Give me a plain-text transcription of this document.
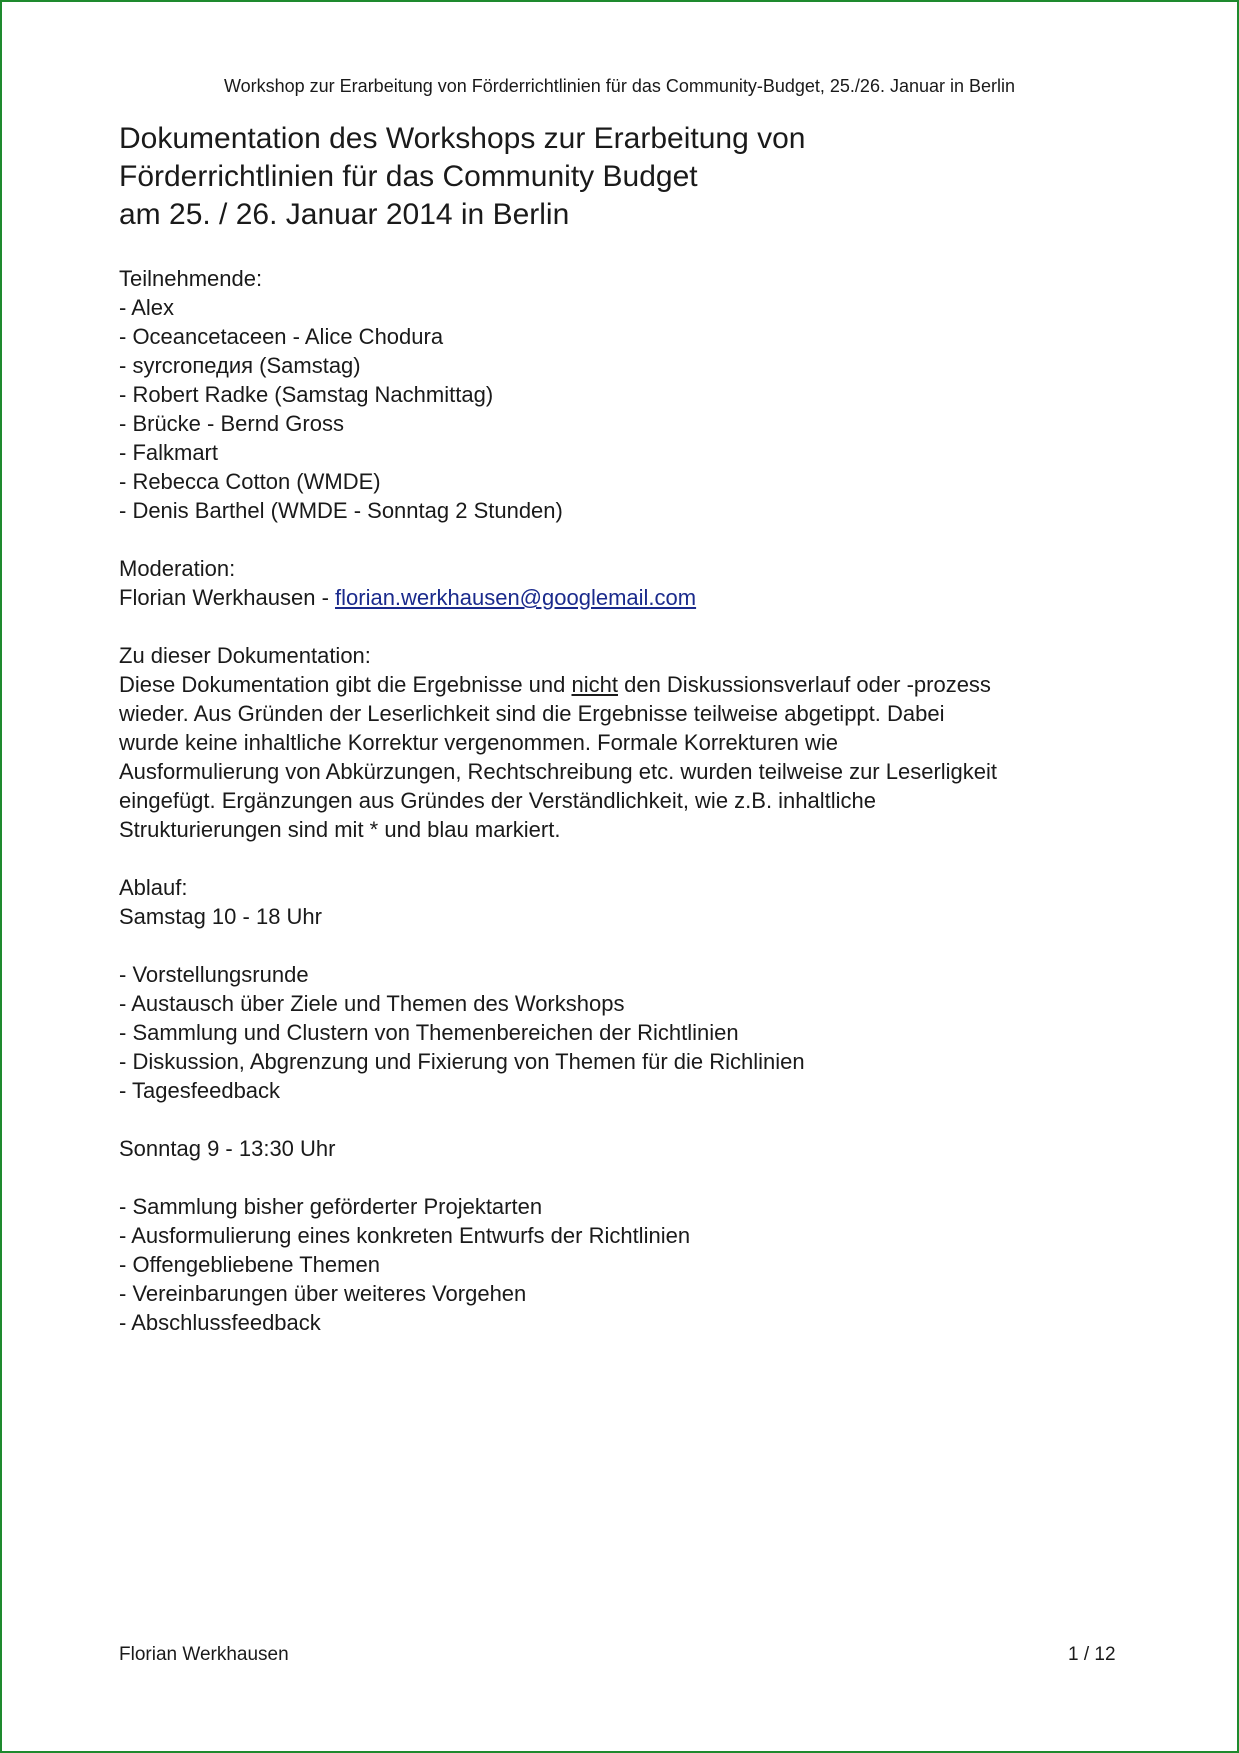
Workshop zur Erarbeitung von Förderrichtlinien für das Community-Budget, 25./26. Januar in Berlin
Dokumentation des Workshops zur Erarbeitung von
Förderrichtlinien für das Community Budget
am 25. / 26. Januar 2014 in Berlin
Teilnehmende:
- Alex
- Oceancetaceen - Alice Chodura
- syrcroпедия (Samstag)
- Robert Radke (Samstag Nachmittag)
- Brücke - Bernd Gross
- Falkmart
- Rebecca Cotton (WMDE)
- Denis Barthel (WMDE - Sonntag 2 Stunden)
Moderation:
Florian Werkhausen - florian.werkhausen@googlemail.com
Zu dieser Dokumentation:
Diese Dokumentation gibt die Ergebnisse und nicht den Diskussionsverlauf oder -prozess
wieder. Aus Gründen der Leserlichkeit sind die Ergebnisse teilweise abgetippt. Dabei
wurde keine inhaltliche Korrektur vergenommen. Formale Korrekturen wie
Ausformulierung von Abkürzungen, Rechtschreibung etc. wurden teilweise zur Leserligkeit
eingefügt. Ergänzungen aus Gründes der Verständlichkeit, wie z.B. inhaltliche
Strukturierungen sind mit * und blau markiert.
Ablauf:
Samstag 10 - 18 Uhr
- Vorstellungsrunde
- Austausch über Ziele und Themen des Workshops
- Sammlung und Clustern von Themenbereichen der Richtlinien
- Diskussion, Abgrenzung und Fixierung von Themen für die Richlinien
- Tagesfeedback
Sonntag 9 - 13:30 Uhr
- Sammlung bisher geförderter Projektarten
- Ausformulierung eines konkreten Entwurfs der Richtlinien
- Offengebliebene Themen
- Vereinbarungen über weiteres Vorgehen
- Abschlussfeedback
Florian Werkhausen	1 / 12
